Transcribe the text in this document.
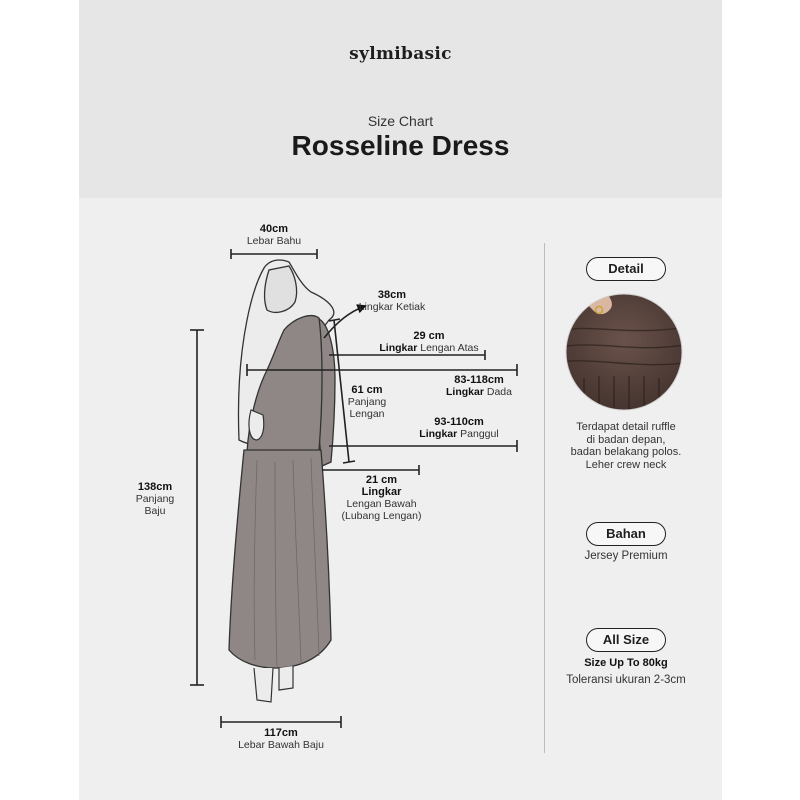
sylmibasic
Size Chart
Rosseline Dress
40cm
Lebar Bahu
38cm
Lingkar Ketiak
29 cm
Lingkar Lengan Atas
83-118cm
Lingkar Dada
61 cm
Panjang
Lengan
93-110cm
Lingkar Panggul
21 cm
Lingkar
Lengan Bawah
(Lubang Lengan)
138cm
Panjang
Baju
117cm
Lebar Bawah Baju
Detail
Terdapat detail ruffle
di badan depan,
badan belakang polos.
Leher crew neck
Bahan
Jersey Premium
All Size
Size Up To 80kg
Toleransi ukuran 2-3cm
